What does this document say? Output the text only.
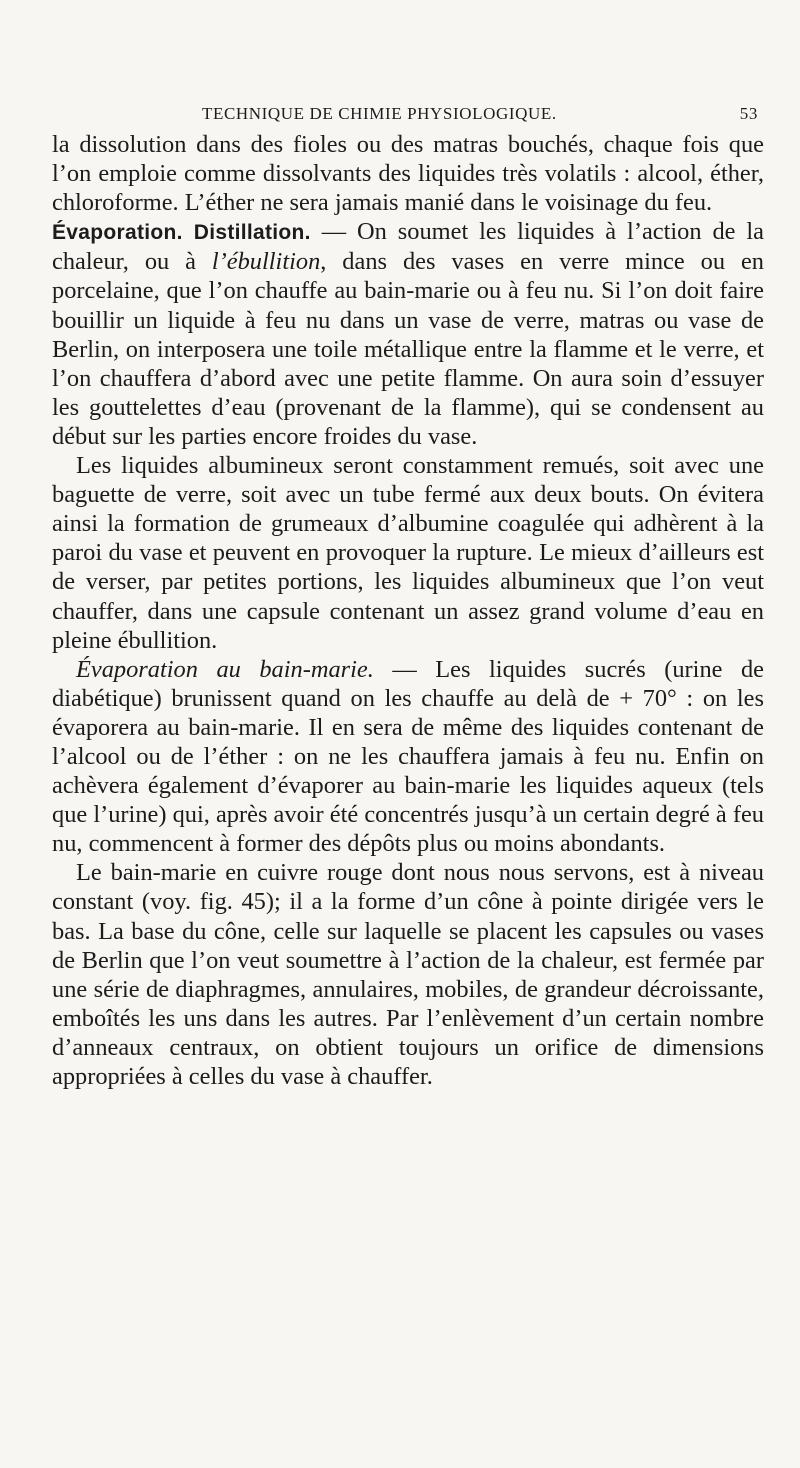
TECHNIQUE DE CHIMIE PHYSIOLOGIQUE.	53

la dissolution dans des fioles ou des matras bouchés, chaque fois que l’on emploie comme dissolvants des liquides très volatils : alcool, éther, chloroforme. L’éther ne sera jamais manié dans le voisinage du feu.

Évaporation. Distillation. — On soumet les liquides à l’action de la chaleur, ou à l’ébullition, dans des vases en verre mince ou en porcelaine, que l’on chauffe au bain-marie ou à feu nu. Si l’on doit faire bouillir un liquide à feu nu dans un vase de verre, matras ou vase de Berlin, on interposera une toile métallique entre la flamme et le verre, et l’on chauffera d’abord avec une petite flamme. On aura soin d’essuyer les gouttelettes d’eau (provenant de la flamme), qui se condensent au début sur les parties encore froides du vase.

Les liquides albumineux seront constamment remués, soit avec une baguette de verre, soit avec un tube fermé aux deux bouts. On évitera ainsi la formation de grumeaux d’albumine coagulée qui adhèrent à la paroi du vase et peuvent en provoquer la rupture. Le mieux d’ailleurs est de verser, par petites portions, les liquides albumineux que l’on veut chauffer, dans une capsule contenant un assez grand volume d’eau en pleine ébullition.

Évaporation au bain-marie. — Les liquides sucrés (urine de diabétique) brunissent quand on les chauffe au delà de + 70° : on les évaporera au bain-marie. Il en sera de même des liquides contenant de l’alcool ou de l’éther : on ne les chauffera jamais à feu nu. Enfin on achèvera également d’évaporer au bain-marie les liquides aqueux (tels que l’urine) qui, après avoir été concentrés jusqu’à un certain degré à feu nu, commencent à former des dépôts plus ou moins abondants.

Le bain-marie en cuivre rouge dont nous nous servons, est à niveau constant (voy. fig. 45); il a la forme d’un cône à pointe dirigée vers le bas. La base du cône, celle sur laquelle se placent les capsules ou vases de Berlin que l’on veut soumettre à l’action de la chaleur, est fermée par une série de diaphragmes, annulaires, mobiles, de grandeur décroissante, emboîtés les uns dans les autres. Par l’enlèvement d’un certain nombre d’anneaux centraux, on obtient toujours un orifice de dimensions appropriées à celles du vase à chauffer.
